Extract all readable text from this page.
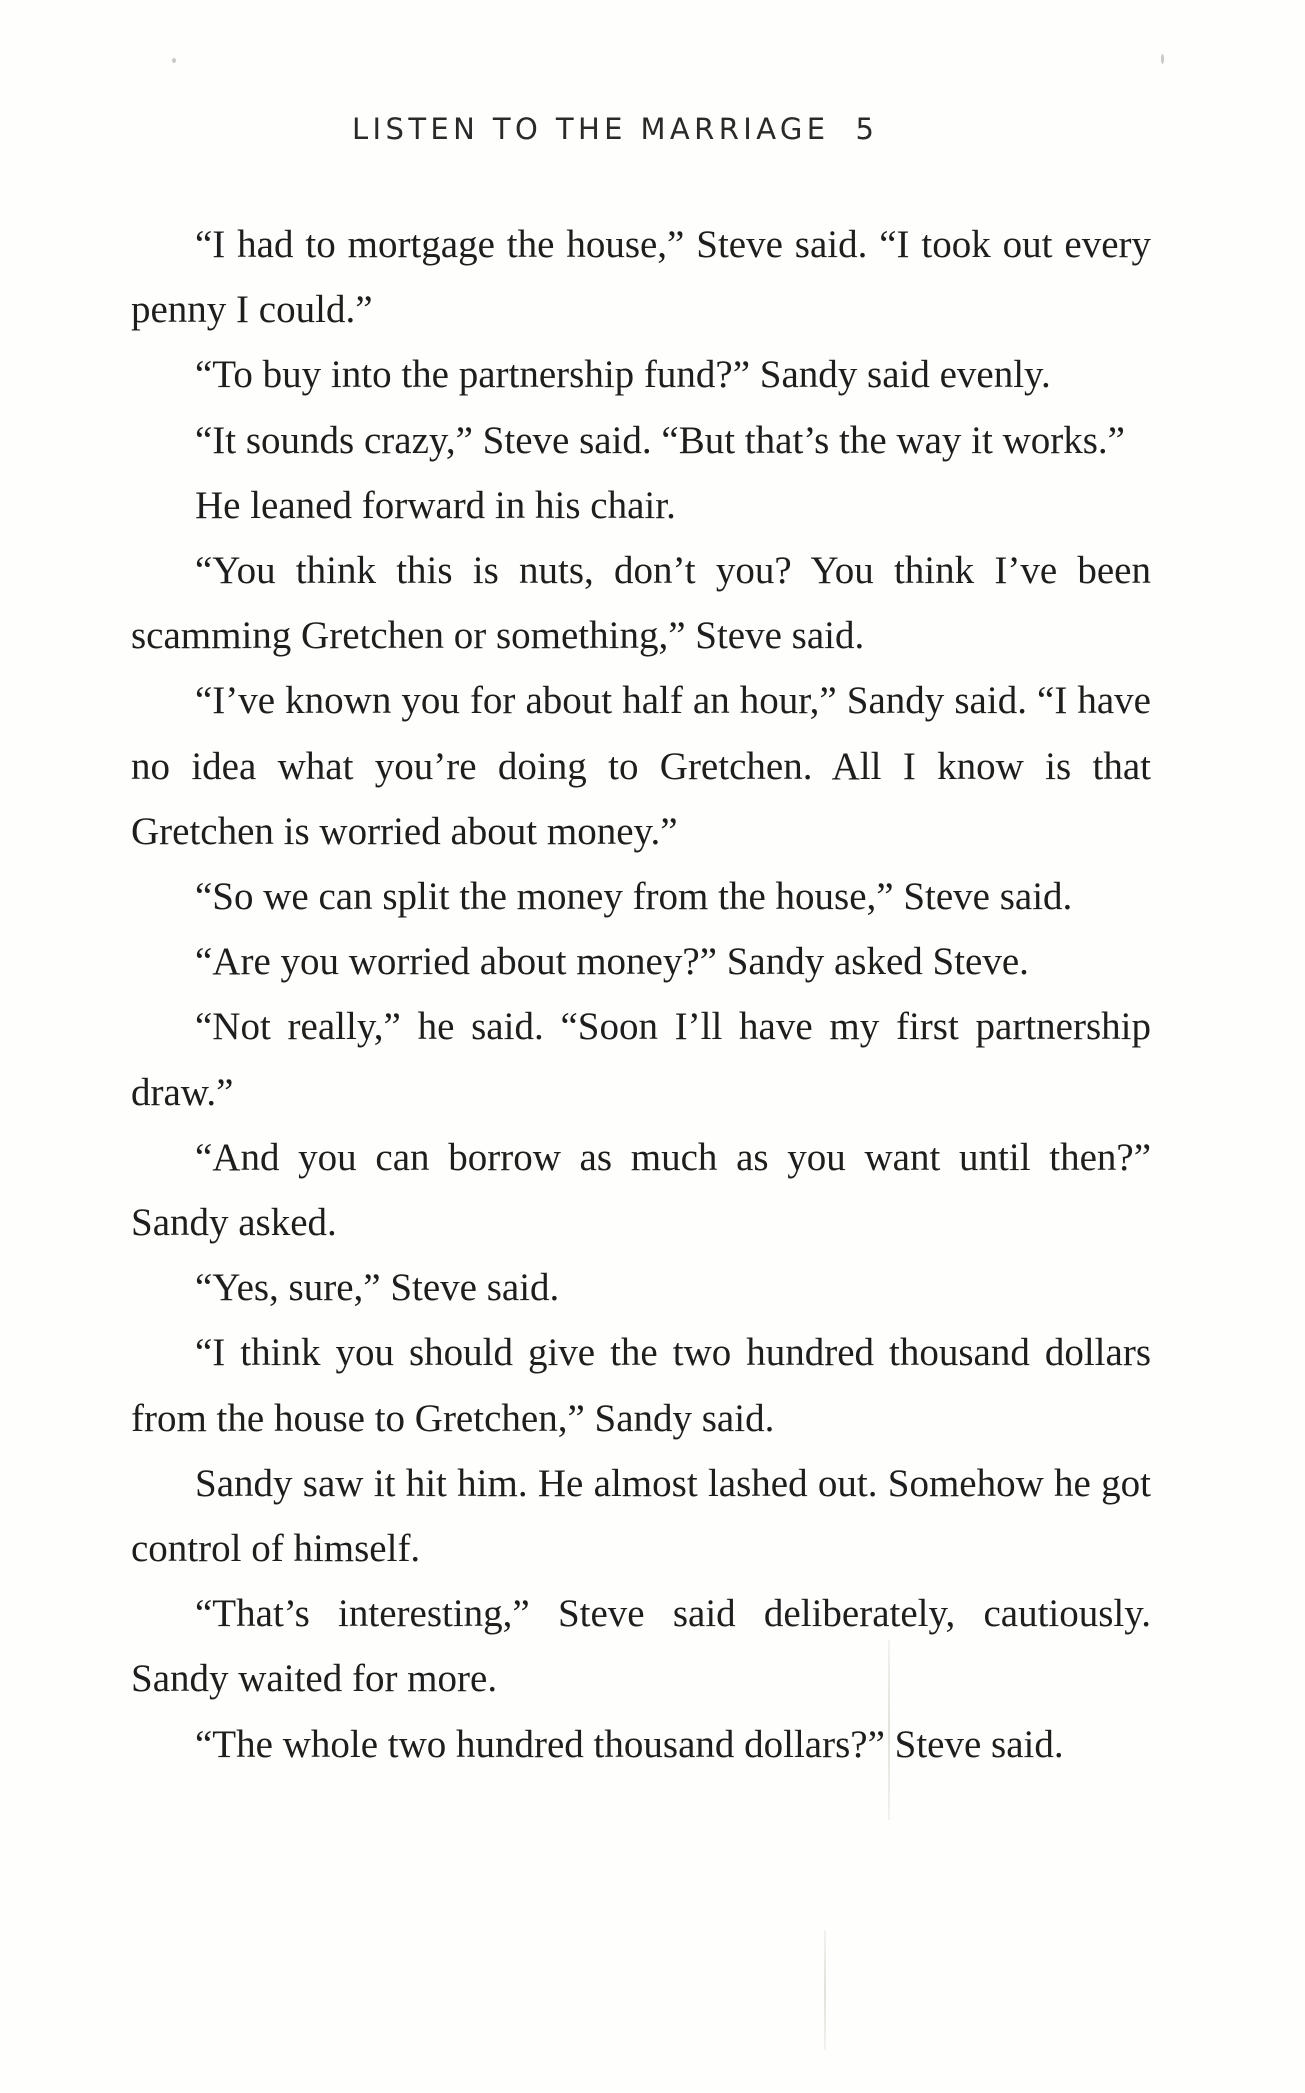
LISTEN TO THE MARRIAGE 5

“I had to mortgage the house,” Steve said. “I took out every penny I could.”

“To buy into the partnership fund?” Sandy said evenly.

“It sounds crazy,” Steve said. “But that’s the way it works.”

He leaned forward in his chair.

“You think this is nuts, don’t you? You think I’ve been scamming Gretchen or something,” Steve said.

“I’ve known you for about half an hour,” Sandy said. “I have no idea what you’re doing to Gretchen. All I know is that Gretchen is worried about money.”

“So we can split the money from the house,” Steve said.

“Are you worried about money?” Sandy asked Steve.

“Not really,” he said. “Soon I’ll have my first partnership draw.”

“And you can borrow as much as you want until then?” Sandy asked.

“Yes, sure,” Steve said.

“I think you should give the two hundred thousand dollars from the house to Gretchen,” Sandy said.

Sandy saw it hit him. He almost lashed out. Somehow he got control of himself.

“That’s interesting,” Steve said deliberately, cautiously. Sandy waited for more.

“The whole two hundred thousand dollars?” Steve said.
